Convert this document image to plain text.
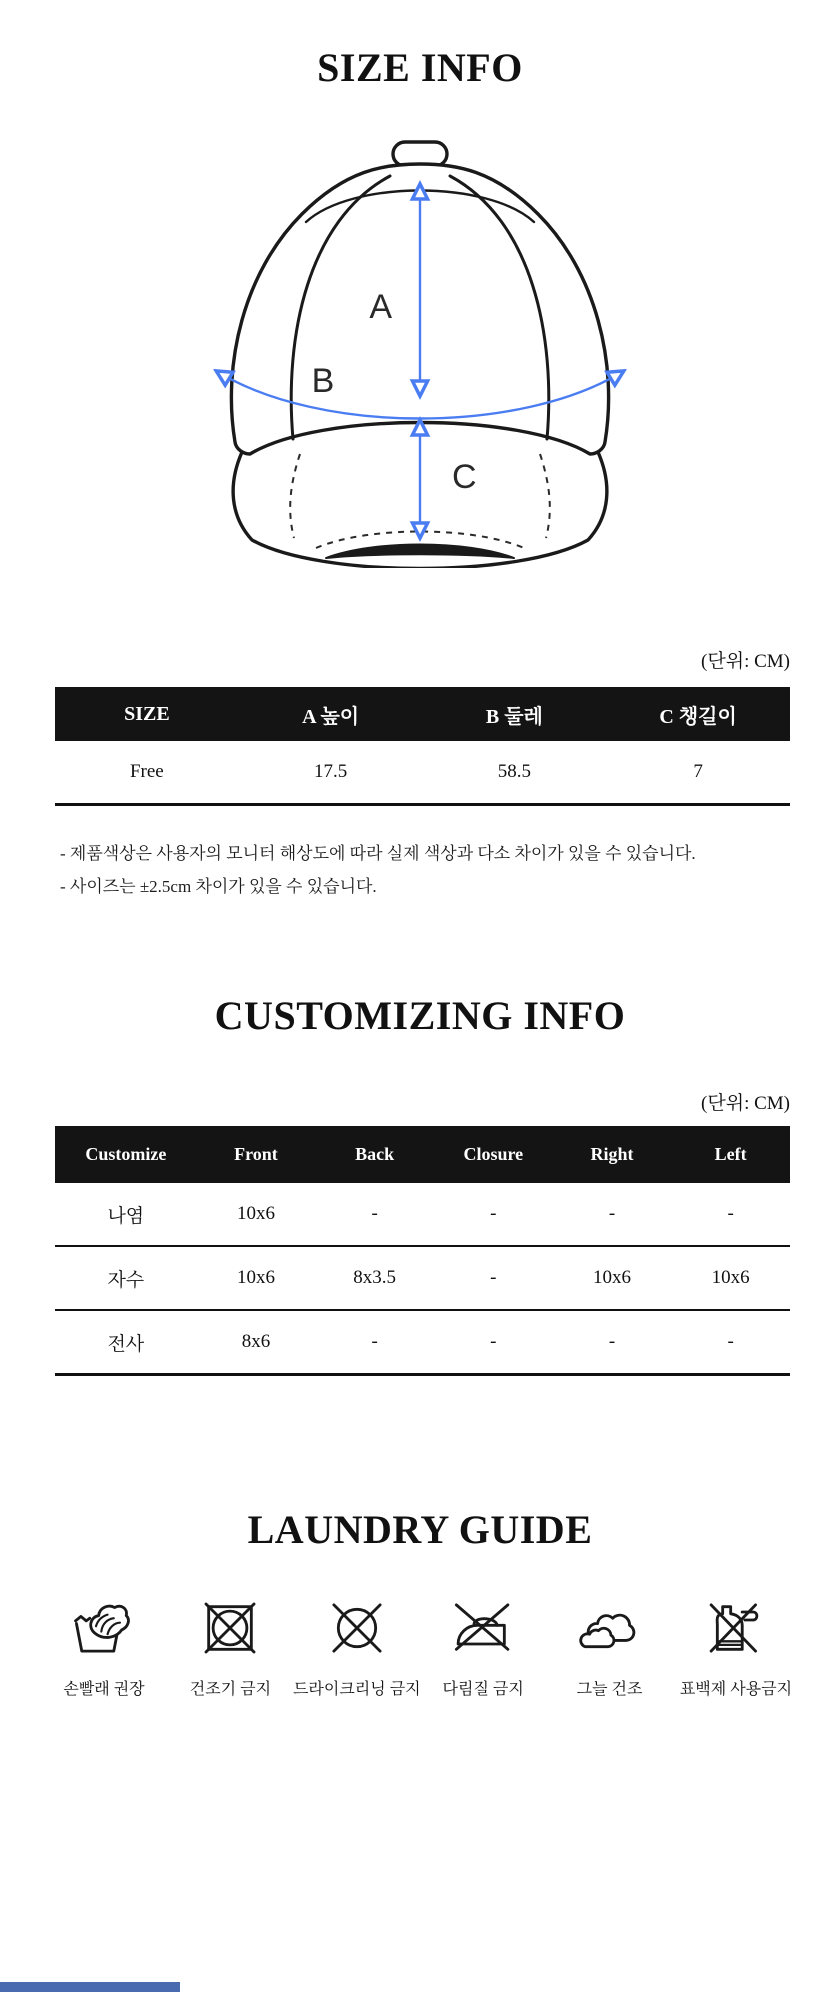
SIZE INFO
A
B
C
(단위: CM)
SIZE	A 높이	B 둘레	C 챙길이
Free	17.5	58.5	7

- 제품색상은 사용자의 모니터 해상도에 따라 실제 색상과 다소 차이가 있을 수 있습니다.

- 사이즈는 ±2.5cm 차이가 있을 수 있습니다.

CUSTOMIZING INFO
(단위: CM)
Customize	Front	Back	Closure	Right	Left
나염	10x6	-	-	-	-
자수	10x6	8x3.5	-	10x6	10x6
전사	8x6	-	-	-	-
LAUNDRY GUIDE
손빨래 권장	건조기 금지 드라이크리닝 금지 다림질 금지	그늘 건조 표백제 사용금지
